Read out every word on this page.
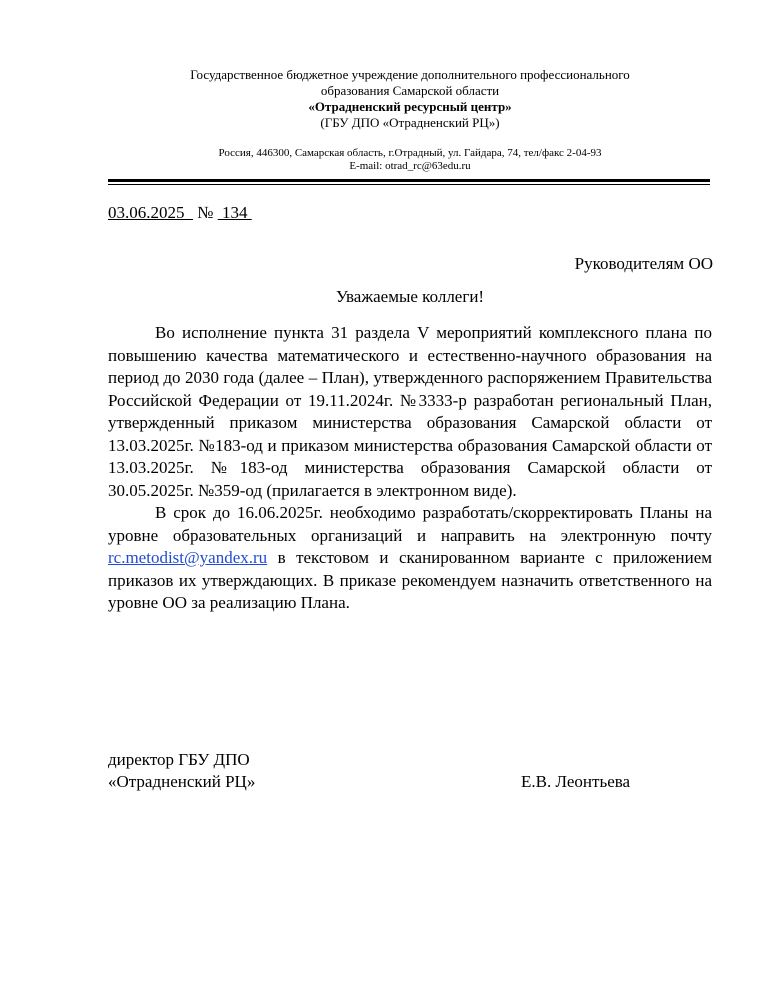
Государственное бюджетное учреждение дополнительного профессионального
образования Самарской области
«Отрадненский ресурсный центр»
(ГБУ ДПО «Отрадненский РЦ»)
Россия, 446300, Самарская область, г.Отрадный, ул. Гайдара, 74, тел/факс 2-04-93
E-mail: otrad_rc@63edu.ru
03.06.2025 № 134
Руководителям ОО
Уважаемые коллеги!

Во исполнение пункта 31 раздела V мероприятий комплексного плана по повышению качества математического и естественно-научного образования на период до 2030 года (далее – План), утвержденного распоряжением Правительства Российской Федерации от 19.11.2024г. №3333-р разработан региональный План, утвержденный приказом министерства образования Самарской области от 13.03.2025г. №183-од и приказом министерства образования Самарской области от 13.03.2025г. №183-од министерства образования Самарской области от 30.05.2025г. №359-од (прилагается в электронном виде).

В срок до 16.06.2025г. необходимо разработать/скорректировать Планы на уровне образовательных организаций и направить на электронную почту rc.metodist@yandex.ru в текстовом и сканированном варианте с приложением приказов их утверждающих. В приказе рекомендуем назначить ответственного на уровне ОО за реализацию Плана.

директор ГБУ ДПО
«Отрадненский РЦ»	Е.В. Леонтьева
